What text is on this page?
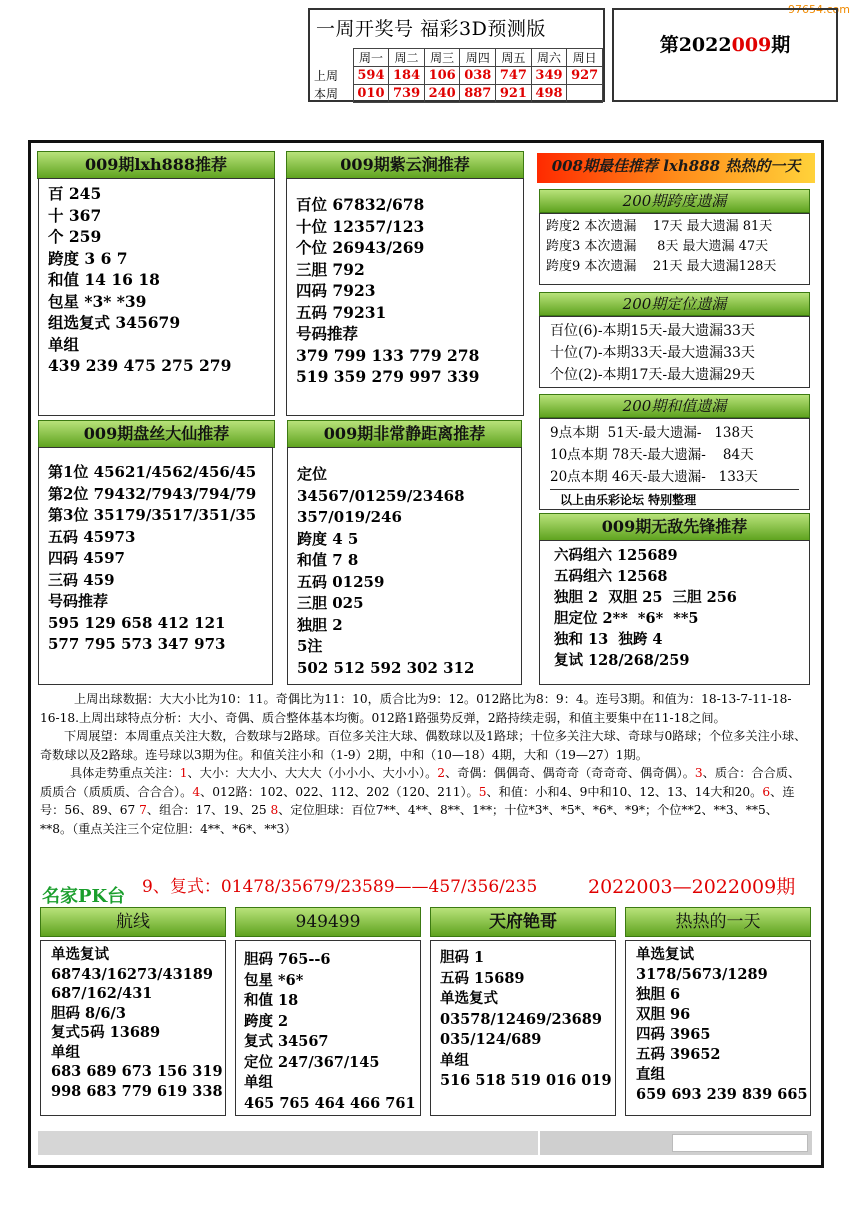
97654.com
一周开奖号 福彩3D预测版
	周一	周二	周三	周四	周五	周六	周日
上周	594	184	106	038	747	349	927
本周	010	739	240	887	921	498	
第2022009期
009期lxh888推荐
百 245
十 367
个 259
跨度 3 6 7
和值 14 16 18
包星 *3* *39
组选复式 345679
单组
439 239 475 275 279
009期紫云涧推荐
百位 67832/678
十位 12357/123
个位 26943/269
三胆 792
四码 7923
五码 79231
号码推荐
379 799 133 779 278
519 359 279 997 339
008期最佳推荐 lxh888 热热的一天
200期跨度遗漏
跨度2 本次遗漏    17天 最大遗漏 81天
跨度3 本次遗漏     8天 最大遗漏 47天
跨度9 本次遗漏    21天 最大遗漏128天
200期定位遗漏
百位(6)-本期15天-最大遗漏33天
十位(7)-本期33天-最大遗漏33天
个位(2)-本期17天-最大遗漏29天
200期和值遗漏
9点本期  51天-最大遗漏-   138天
10点本期 78天-最大遗漏-    84天
20点本期 46天-最大遗漏-   133天
以上由乐彩论坛 特别整理
009期无敌先锋推荐
六码组六 125689
五码组六 12568
独胆 2  双胆 25  三胆 256
胆定位 2**  *6*  **5
独和 13  独跨 4
复试 128/268/259
009期盘丝大仙推荐
第1位 45621/4562/456/45
第2位 79432/7943/794/79
第3位 35179/3517/351/35
五码 45973
四码 4597
三码 459
号码推荐
595 129 658 412 121
577 795 573 347 973
009期非常静距离推荐
定位
34567/01259/23468
357/019/246
跨度 4 5
和值 7 8
五码 01259
三胆 025
独胆 2
5注
502 512 592 302 312
上周出球数据：大大小比为10：11。奇偶比为11：10，质合比为9：12。012路比为8：9：4。连号3期。和值为：18-13-7-11-18-16-18.上周出球特点分析：大小、奇偶、质合整体基本均衡。012路1路强势反弹，2路持续走弱，和值主要集中在11-18之间。
下周展望：本周重点关注大数，合数球与2路球。百位多关注大球、偶数球以及1路球；十位多关注大球、奇球与0路球；个位多关注小球、奇数球以及2路球。连号球以3期为住。和值关注小和（1-9）2期，中和（10—18）4期，大和（19—27）1期。
具体走势重点关注：1、大小：大大小、大大大（小小小、大小小）。2、奇偶：偶偶奇、偶奇奇（奇奇奇、偶奇偶）。3、质合：合合质、质质合（质质质、合合合）。4、012路：102、022、112、202（120、211）。5、和值：小和4、9中和10、12、13、14大和20。6、连号：56、89、67 7、组合：17、19、25 8、定位胆球：百位7**、4**、8**、1**；十位*3*、*5*、*6*、*9*；个位**2、**3、**5、**8。（重点关注三个定位胆：4**、*6*、**3）
9、复式：01478/35679/23589——457/356/235	2022003—2022009期
名家PK台
航线
单选复试
68743/16273/43189
687/162/431
胆码 8/6/3
复式5码 13689
单组
683 689 673 156 319
998 683 779 619 338
949499
胆码 765--6
包星 *6*
和值 18
跨度 2
复式 34567
定位 247/367/145
单组
465 765 464 466 761
天府铯哥
胆码 1
五码 15689
单选复式
03578/12469/23689
035/124/689
单组
516 518 519 016 019
热热的一天
单选复试
3178/5673/1289
独胆 6
双胆 96
四码 3965
五码 39652
直组
659 693 239 839 665
